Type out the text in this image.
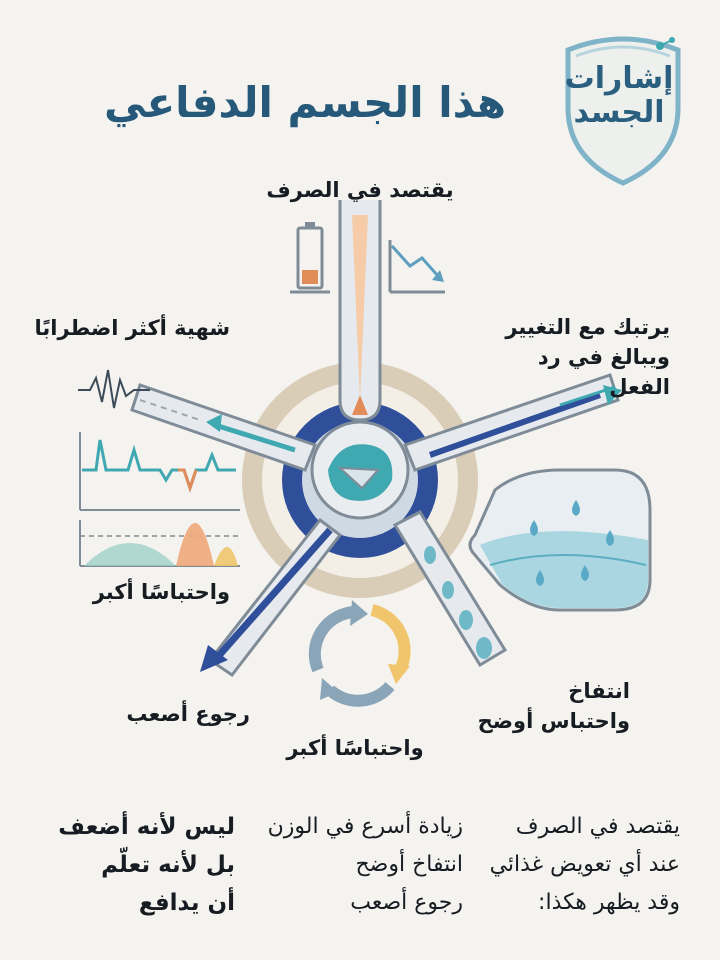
هذا الجسم الدفاعي	إشارات
الجسد
يقتصد في الصرف
يرتبك مع التغيير
ويبالغ في رد الفعل
شهية أكثر اضطرابًا
واحتباسًا أكبر
انتفاخ
واحتباس أوضح
رجوع أصعب
واحتباسًا أكبر
يقتصد في الصرف
عند أي تعويض غذائي
وقد يظهر هكذا:
زيادة أسرع في الوزن
انتفاخ أوضح
رجوع أصعب
ليس لأنه أضعف
بل لأنه تعلّم
أن يدافع
